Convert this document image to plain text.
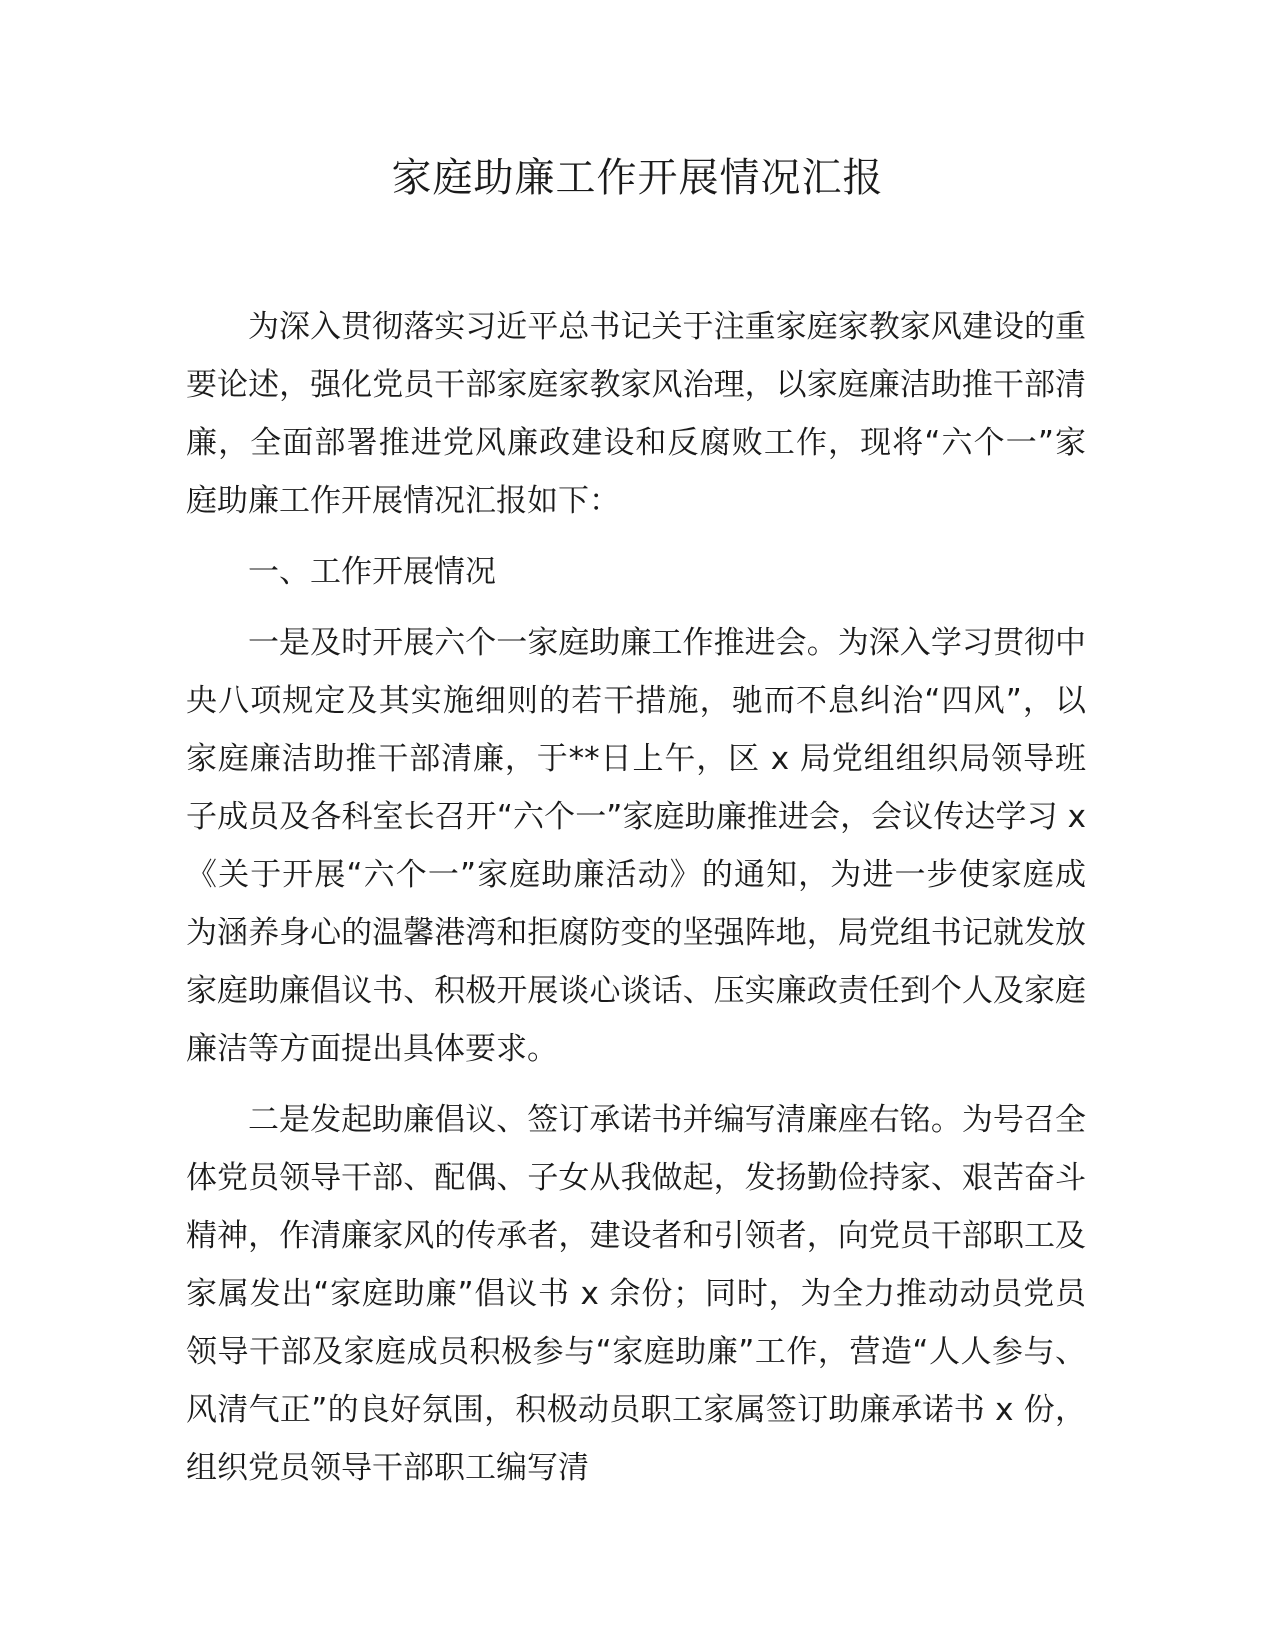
家庭助廉工作开展情况汇报

为深入贯彻落实习近平总书记关于注重家庭家教家风建设的重要论述，强化党员干部家庭家教家风治理，以家庭廉洁助推干部清廉，全面部署推进党风廉政建设和反腐败工作，现将“六个一”家庭助廉工作开展情况汇报如下：

一、工作开展情况

一是及时开展六个一家庭助廉工作推进会。为深入学习贯彻中央八项规定及其实施细则的若干措施，驰而不息纠治“四风”，以家庭廉洁助推干部清廉，于**日上午，区 x 局党组组织局领导班子成员及各科室长召开“六个一”家庭助廉推进会，会议传达学习 x《关于开展“六个一”家庭助廉活动》的通知，为进一步使家庭成为涵养身心的温馨港湾和拒腐防变的坚强阵地，局党组书记就发放家庭助廉倡议书、积极开展谈心谈话、压实廉政责任到个人及家庭廉洁等方面提出具体要求。

二是发起助廉倡议、签订承诺书并编写清廉座右铭。为号召全体党员领导干部、配偶、子女从我做起，发扬勤俭持家、艰苦奋斗精神，作清廉家风的传承者，建设者和引领者，向党员干部职工及家属发出“家庭助廉”倡议书 x 余份；同时，为全力推动动员党员领导干部及家庭成员积极参与“家庭助廉”工作，营造“人人参与、风清气正”的良好氛围，积极动员职工家属签订助廉承诺书 x 份，组织党员领导干部职工编写清
